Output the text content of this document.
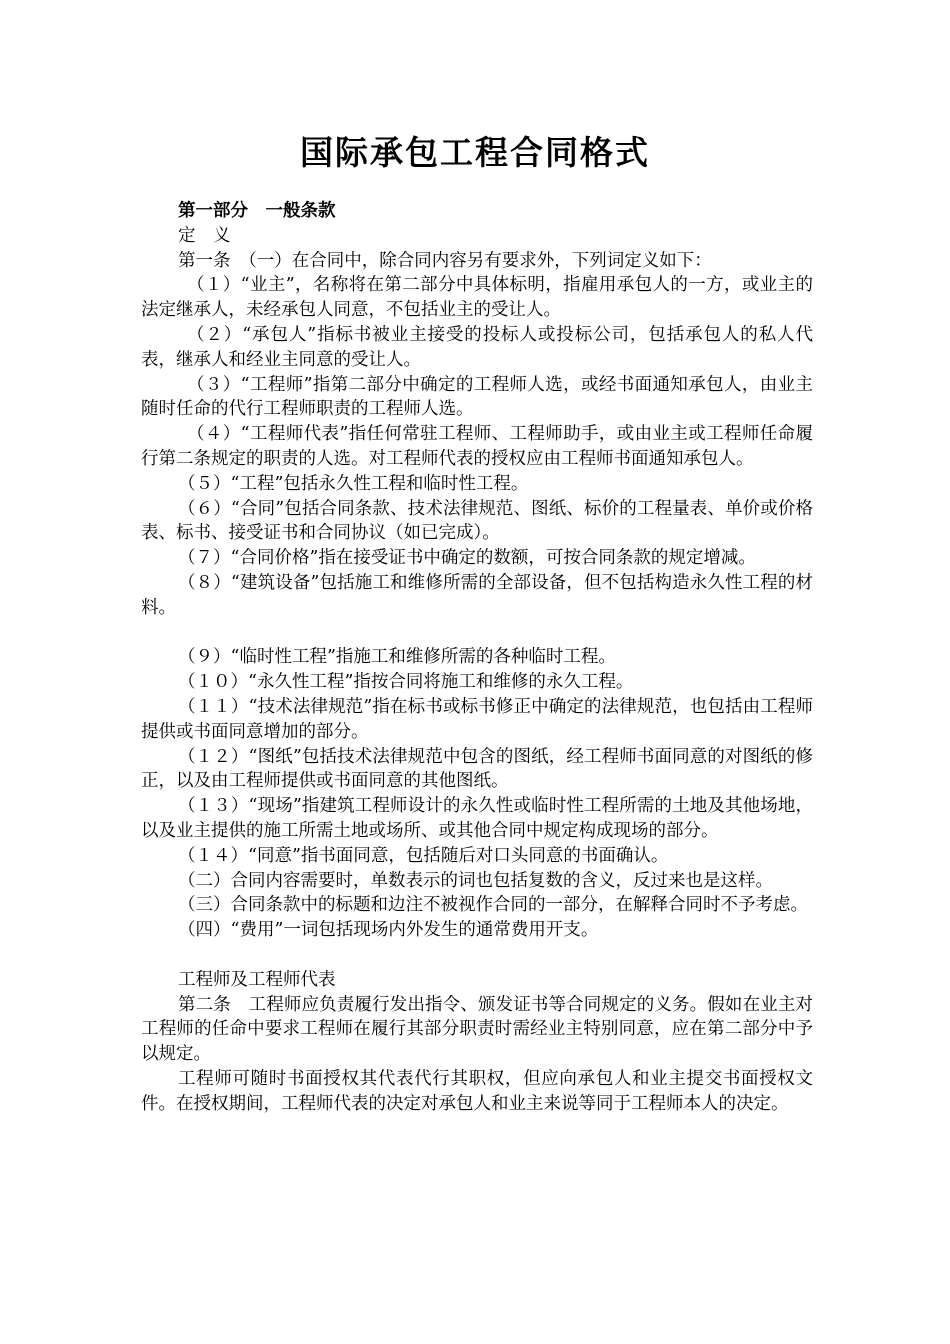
国际承包工程合同格式

第一部分　一般条款

定　义

第一条　（一）在合同中，除合同内容另有要求外，下列词定义如下：

（１）“业主”，名称将在第二部分中具体标明，指雇用承包人的一方，或业主的法定继承人，未经承包人同意，不包括业主的受让人。

（２）“承包人”指标书被业主接受的投标人或投标公司，包括承包人的私人代表，继承人和经业主同意的受让人。

（３）“工程师”指第二部分中确定的工程师人选，或经书面通知承包人，由业主随时任命的代行工程师职责的工程师人选。

（４）“工程师代表”指任何常驻工程师、工程师助手，或由业主或工程师任命履行第二条规定的职责的人选。对工程师代表的授权应由工程师书面通知承包人。

（５）“工程”包括永久性工程和临时性工程。

（６）“合同”包括合同条款、技术法律规范、图纸、标价的工程量表、单价或价格表、标书、接受证书和合同协议（如已完成）。

（７）“合同价格”指在接受证书中确定的数额，可按合同条款的规定增减。

（８）“建筑设备”包括施工和维修所需的全部设备，但不包括构造永久性工程的材料。

（９）“临时性工程”指施工和维修所需的各种临时工程。

（１０）“永久性工程”指按合同将施工和维修的永久工程。

（１１）“技术法律规范”指在标书或标书修正中确定的法律规范，也包括由工程师提供或书面同意增加的部分。

（１２）“图纸”包括技术法律规范中包含的图纸，经工程师书面同意的对图纸的修正，以及由工程师提供或书面同意的其他图纸。

（１３）“现场”指建筑工程师设计的永久性或临时性工程所需的土地及其他场地，以及业主提供的施工所需土地或场所、或其他合同中规定构成现场的部分。

（１４）“同意”指书面同意，包括随后对口头同意的书面确认。

（二）合同内容需要时，单数表示的词也包括复数的含义，反过来也是这样。

（三）合同条款中的标题和边注不被视作合同的一部分，在解释合同时不予考虑。

（四）“费用”一词包括现场内外发生的通常费用开支。

工程师及工程师代表

第二条　工程师应负责履行发出指令、颁发证书等合同规定的义务。假如在业主对工程师的任命中要求工程师在履行其部分职责时需经业主特别同意，应在第二部分中予以规定。

工程师可随时书面授权其代表代行其职权，但应向承包人和业主提交书面授权文件。在授权期间，工程师代表的决定对承包人和业主来说等同于工程师本人的决定。
